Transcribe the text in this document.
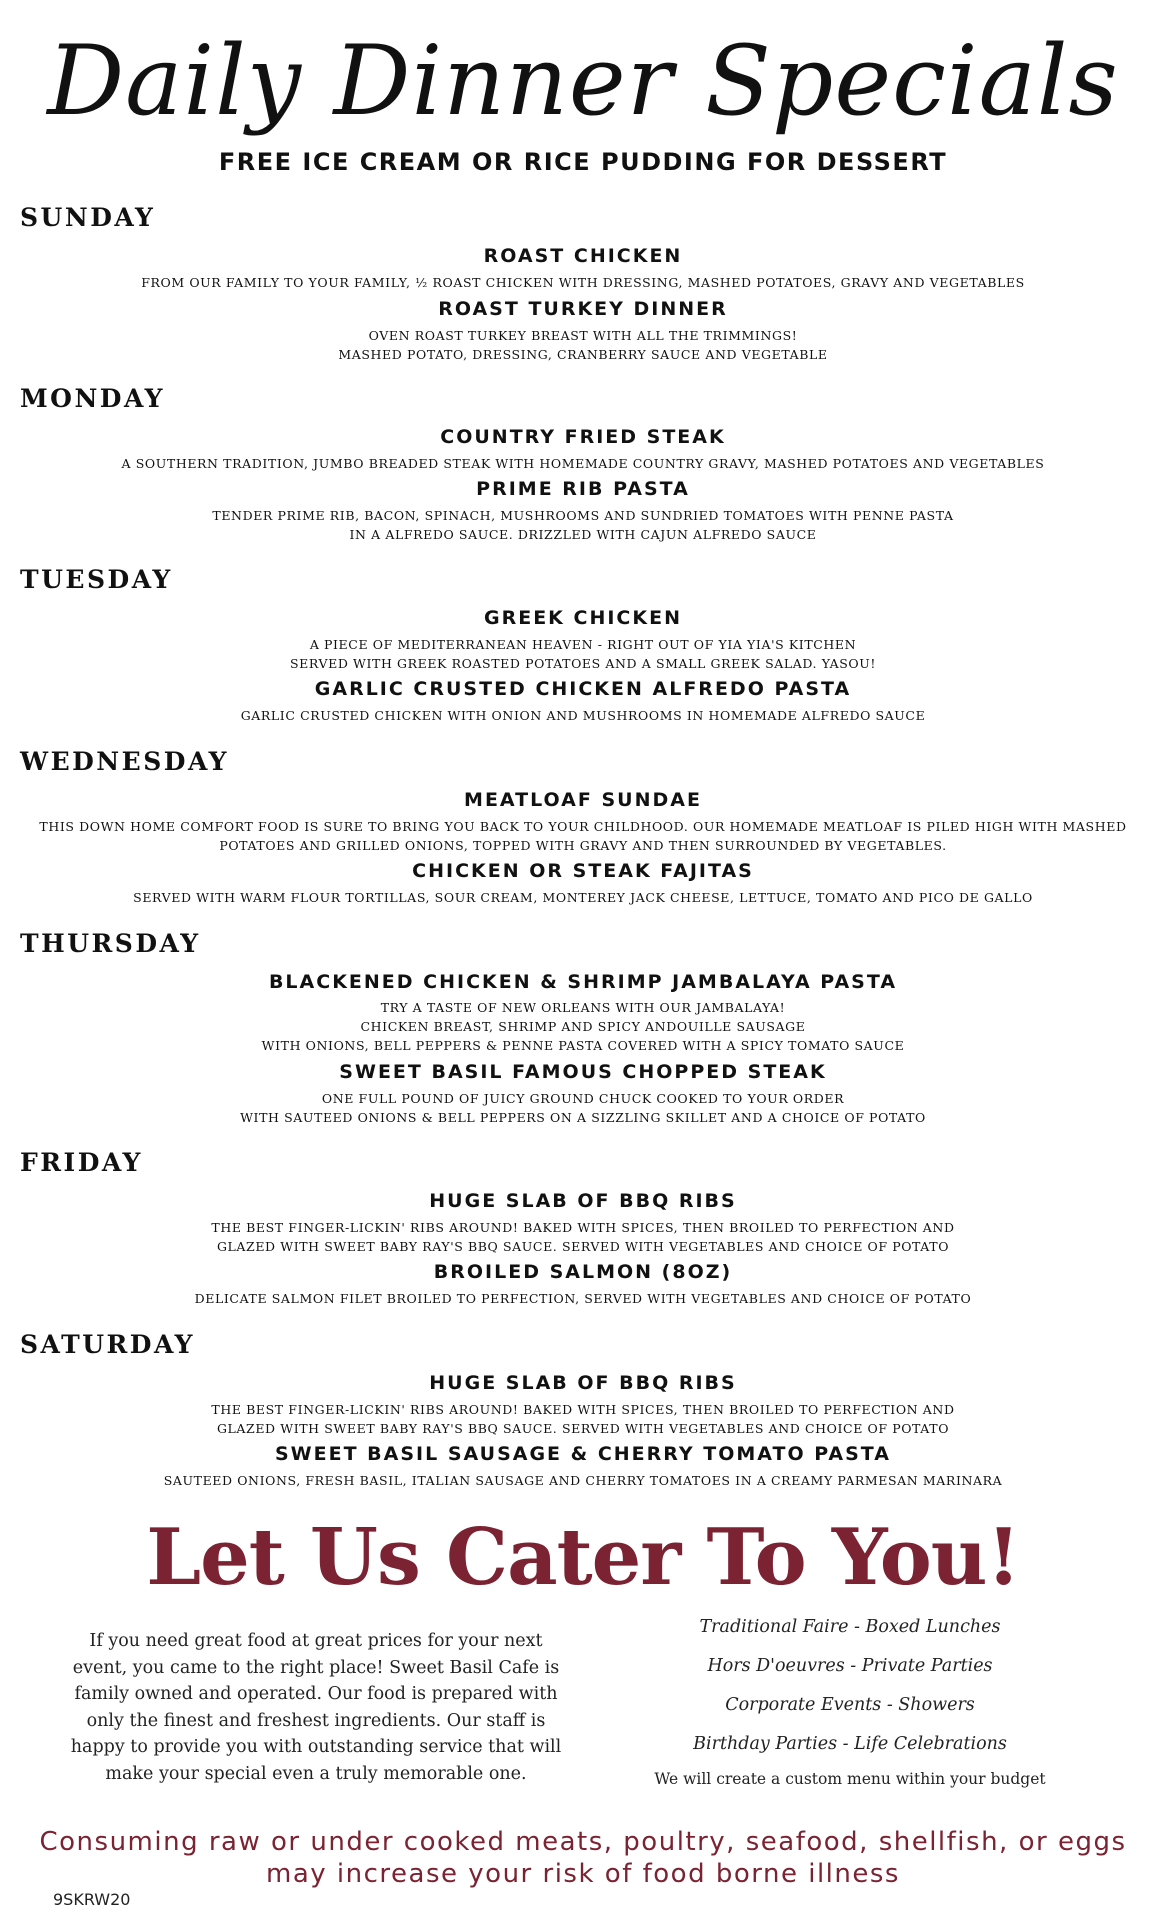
Daily Dinner Specials
FREE ICE CREAM OR RICE PUDDING FOR DESSERT
SUNDAY
ROAST CHICKEN
FROM OUR FAMILY TO YOUR FAMILY, ½ ROAST CHICKEN WITH DRESSING, MASHED POTATOES, GRAVY AND VEGETABLES
ROAST TURKEY DINNER
OVEN ROAST TURKEY BREAST WITH ALL THE TRIMMINGS!
MASHED POTATO, DRESSING, CRANBERRY SAUCE AND VEGETABLE
MONDAY
COUNTRY FRIED STEAK
A SOUTHERN TRADITION, JUMBO BREADED STEAK WITH HOMEMADE COUNTRY GRAVY, MASHED POTATOES AND VEGETABLES
PRIME RIB PASTA
TENDER PRIME RIB, BACON, SPINACH, MUSHROOMS AND SUNDRIED TOMATOES WITH PENNE PASTA
IN A ALFREDO SAUCE. DRIZZLED WITH CAJUN ALFREDO SAUCE
TUESDAY
GREEK CHICKEN
A PIECE OF MEDITERRANEAN HEAVEN - RIGHT OUT OF YIA YIA'S KITCHEN
SERVED WITH GREEK ROASTED POTATOES AND A SMALL GREEK SALAD. YASOU!
GARLIC CRUSTED CHICKEN ALFREDO PASTA
GARLIC CRUSTED CHICKEN WITH ONION AND MUSHROOMS IN HOMEMADE ALFREDO SAUCE
WEDNESDAY
MEATLOAF SUNDAE
THIS DOWN HOME COMFORT FOOD IS SURE TO BRING YOU BACK TO YOUR CHILDHOOD. OUR HOMEMADE MEATLOAF IS PILED HIGH WITH MASHED
POTATOES AND GRILLED ONIONS, TOPPED WITH GRAVY AND THEN SURROUNDED BY VEGETABLES.
CHICKEN OR STEAK FAJITAS
SERVED WITH WARM FLOUR TORTILLAS, SOUR CREAM, MONTEREY JACK CHEESE, LETTUCE, TOMATO AND PICO DE GALLO
THURSDAY
BLACKENED CHICKEN & SHRIMP JAMBALAYA PASTA
TRY A TASTE OF NEW ORLEANS WITH OUR JAMBALAYA!
CHICKEN BREAST, SHRIMP AND SPICY ANDOUILLE SAUSAGE
WITH ONIONS, BELL PEPPERS & PENNE PASTA COVERED WITH A SPICY TOMATO SAUCE
SWEET BASIL FAMOUS CHOPPED STEAK
ONE FULL POUND OF JUICY GROUND CHUCK COOKED TO YOUR ORDER
WITH SAUTEED ONIONS & BELL PEPPERS ON A SIZZLING SKILLET AND A CHOICE OF POTATO
FRIDAY
HUGE SLAB OF BBQ RIBS
THE BEST FINGER-LICKIN' RIBS AROUND! BAKED WITH SPICES, THEN BROILED TO PERFECTION AND
GLAZED WITH SWEET BABY RAY'S BBQ SAUCE. SERVED WITH VEGETABLES AND CHOICE OF POTATO
BROILED SALMON (8OZ)
DELICATE SALMON FILET BROILED TO PERFECTION, SERVED WITH VEGETABLES AND CHOICE OF POTATO
SATURDAY
HUGE SLAB OF BBQ RIBS
THE BEST FINGER-LICKIN' RIBS AROUND! BAKED WITH SPICES, THEN BROILED TO PERFECTION AND
GLAZED WITH SWEET BABY RAY'S BBQ SAUCE. SERVED WITH VEGETABLES AND CHOICE OF POTATO
SWEET BASIL SAUSAGE & CHERRY TOMATO PASTA
SAUTEED ONIONS, FRESH BASIL, ITALIAN SAUSAGE AND CHERRY TOMATOES IN A CREAMY PARMESAN MARINARA
Let Us Cater To You!
If you need great food at great prices for your next
event, you came to the right place! Sweet Basil Cafe is
family owned and operated. Our food is prepared with
only the finest and freshest ingredients. Our staff is
happy to provide you with outstanding service that will
make your special even a truly memorable one.
Traditional Faire - Boxed Lunches
Hors D'oeuvres - Private Parties
Corporate Events - Showers
Birthday Parties - Life Celebrations
We will create a custom menu within your budget
Consuming raw or under cooked meats, poultry, seafood, shellfish, or eggs
may increase your risk of food borne illness
9SKRW20
